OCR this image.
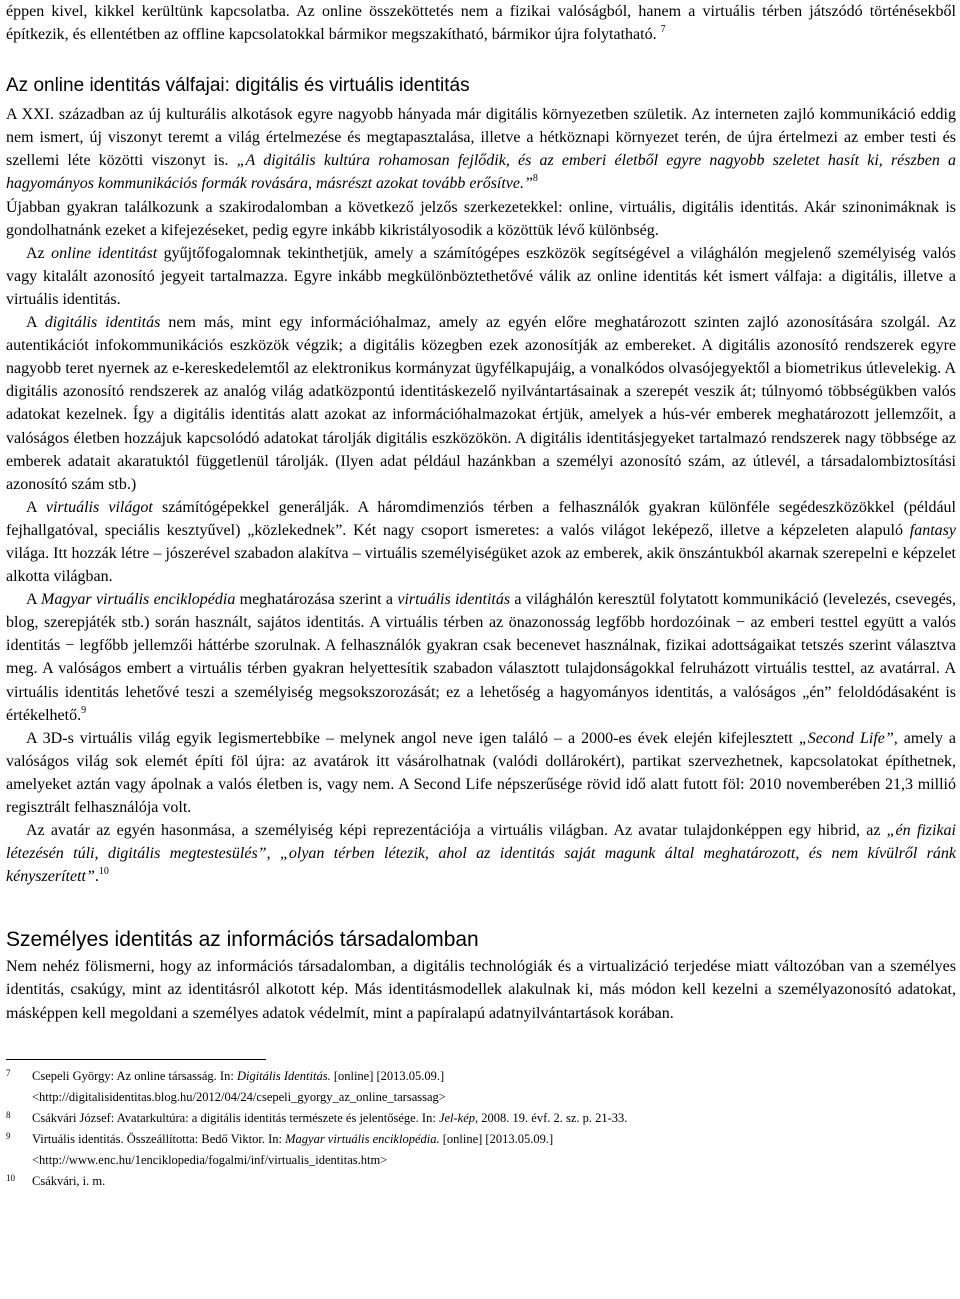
éppen kivel, kikkel kerültünk kapcsolatba. Az online összeköttetés nem a fizikai valóságból, hanem a virtuális térben játszódó történésekből építkezik, és ellentétben az offline kapcsolatokkal bármikor megszakítható, bármikor újra folytatható. $^7$

Az online identitás válfajai: digitális és virtuális identitás

A XXI. században az új kulturális alkotások egyre nagyobb hányada már digitális környezetben születik. Az interneten zajló kommunikáció eddig nem ismert, új viszonyt teremt a világ értelmezése és megtapasztalása, illetve a hétköznapi környezet terén, de újra értelmezi az ember testi és szellemi léte közötti viszonyt is. „A digitális kultúra rohamosan fejlődik, és az emberi életből egyre nagyobb szeletet hasít ki, részben a hagyományos kommunikációs formák rovására, másrészt azokat tovább erősítve.”$^8$

Újabban gyakran találkozunk a szakirodalomban a következő jelzős szerkezetekkel: online, virtuális, digitális identitás. Akár szinonimáknak is gondolhatnánk ezeket a kifejezéseket, pedig egyre inkább kikristályosodik a közöttük lévő különbség.

Az online identitást gyűjtőfogalomnak tekinthetjük, amely a számítógépes eszközök segítségével a világhálón megjelenő személyiség valós vagy kitalált azonosító jegyeit tartalmazza. Egyre inkább megkülönböztethetővé válik az online identitás két ismert válfaja: a digitális, illetve a virtuális identitás.

A digitális identitás nem más, mint egy információhalmaz, amely az egyén előre meghatározott szinten zajló azonosítására szolgál. Az autentikációt infokommunikációs eszközök végzik; a digitális közegben ezek azonosítják az embereket. A digitális azonosító rendszerek egyre nagyobb teret nyernek az e-kereskedelemtől az elektronikus kormányzat ügyfélkapujáig, a vonalkódos olvasójegyektől a biometrikus útlevelekig. A digitális azonosító rendszerek az analóg világ adatközpontú identitáskezelő nyilvántartásainak a szerepét veszik át; túlnyomó többségükben valós adatokat kezelnek. Így a digitális identitás alatt azokat az információhalmazokat értjük, amelyek a hús-vér emberek meghatározott jellemzőit, a valóságos életben hozzájuk kapcsolódó adatokat tárolják digitális eszközökön. A digitális identitásjegyeket tartalmazó rendszerek nagy többsége az emberek adatait akaratuktól függetlenül tárolják. (Ilyen adat például hazánkban a személyi azonosító szám, az útlevél, a társadalombiztosítási azonosító szám stb.)

A virtuális világot számítógépekkel generálják. A háromdimenziós térben a felhasználók gyakran különféle segédeszközökkel (például fejhallgatóval, speciális kesztyűvel) „közlekednek”. Két nagy csoport ismeretes: a valós világot leképező, illetve a képzeleten alapuló fantasy világa. Itt hozzák létre – jószerével szabadon alakítva – virtuális személyiségüket azok az emberek, akik önszántukból akarnak szerepelni e képzelet alkotta világban.

A Magyar virtuális enciklopédia meghatározása szerint a virtuális identitás a világhálón keresztül folytatott kommunikáció (levelezés, csevegés, blog, szerepjáték stb.) során használt, sajátos identitás. A virtuális térben az önazonosság legfőbb hordozóinak − az emberi testtel együtt a valós identitás − legfőbb jellemzői háttérbe szorulnak. A felhasználók gyakran csak becenevet használnak, fizikai adottságaikat tetszés szerint választva meg. A valóságos embert a virtuális térben gyakran helyettesítik szabadon választott tulajdonságokkal felruházott virtuális testtel, az avatárral. A virtuális identitás lehetővé teszi a személyiség megsokszorozását; ez a lehetőség a hagyományos identitás, a valóságos „én” feloldódásaként is értékelhető.$^9$

A 3D-s virtuális világ egyik legismertebbike – melynek angol neve igen találó – a 2000-es évek elején kifejlesztett „Second Life”, amely a valóságos világ sok elemét építi föl újra: az avatárok itt vásárolhatnak (valódi dollárokért), partikat szervezhetnek, kapcsolatokat építhetnek, amelyeket aztán vagy ápolnak a valós életben is, vagy nem. A Second Life népszerűsége rövid idő alatt futott föl: 2010 novemberében 21,3 millió regisztrált felhasználója volt.

Az avatár az egyén hasonmása, a személyiség képi reprezentációja a virtuális világban. Az avatar tulajdonképpen egy hibrid, az „én fizikai létezésén túli, digitális megtestesülés”, „olyan térben létezik, ahol az identitás saját magunk által meghatározott, és nem kívülről ránk kényszerített”.$^{10}$

Személyes identitás az információs társadalomban

Nem nehéz fölismerni, hogy az információs társadalomban, a digitális technológiák és a virtualizáció terjedése miatt változóban van a személyes identitás, csakúgy, mint az identitásról alkotott kép. Más identitásmodellek alakulnak ki, más módon kell kezelni a személyazonosító adatokat, másképpen kell megoldani a személyes adatok védelmít, mint a papíralapú adatnyilvántartások korában.

7 Csepeli György: Az online társasság. In: Digitális Identitás. [online] [2013.05.09.]
<http://digitalisidentitas.blog.hu/2012/04/24/csepeli_gyorgy_az_online_tarsassag>
8 Csákvári József: Avatarkultúra: a digitális identitás természete és jelentősége. In: Jel-kép, 2008. 19. évf. 2. sz. p. 21-33.
9 Virtuális identitás. Összeállította: Bedő Viktor. In: Magyar virtuális enciklopédia. [online] [2013.05.09.]
<http://www.enc.hu/1enciklopedia/fogalmi/inf/virtualis_identitas.htm>
10 Csákvári, i. m.
